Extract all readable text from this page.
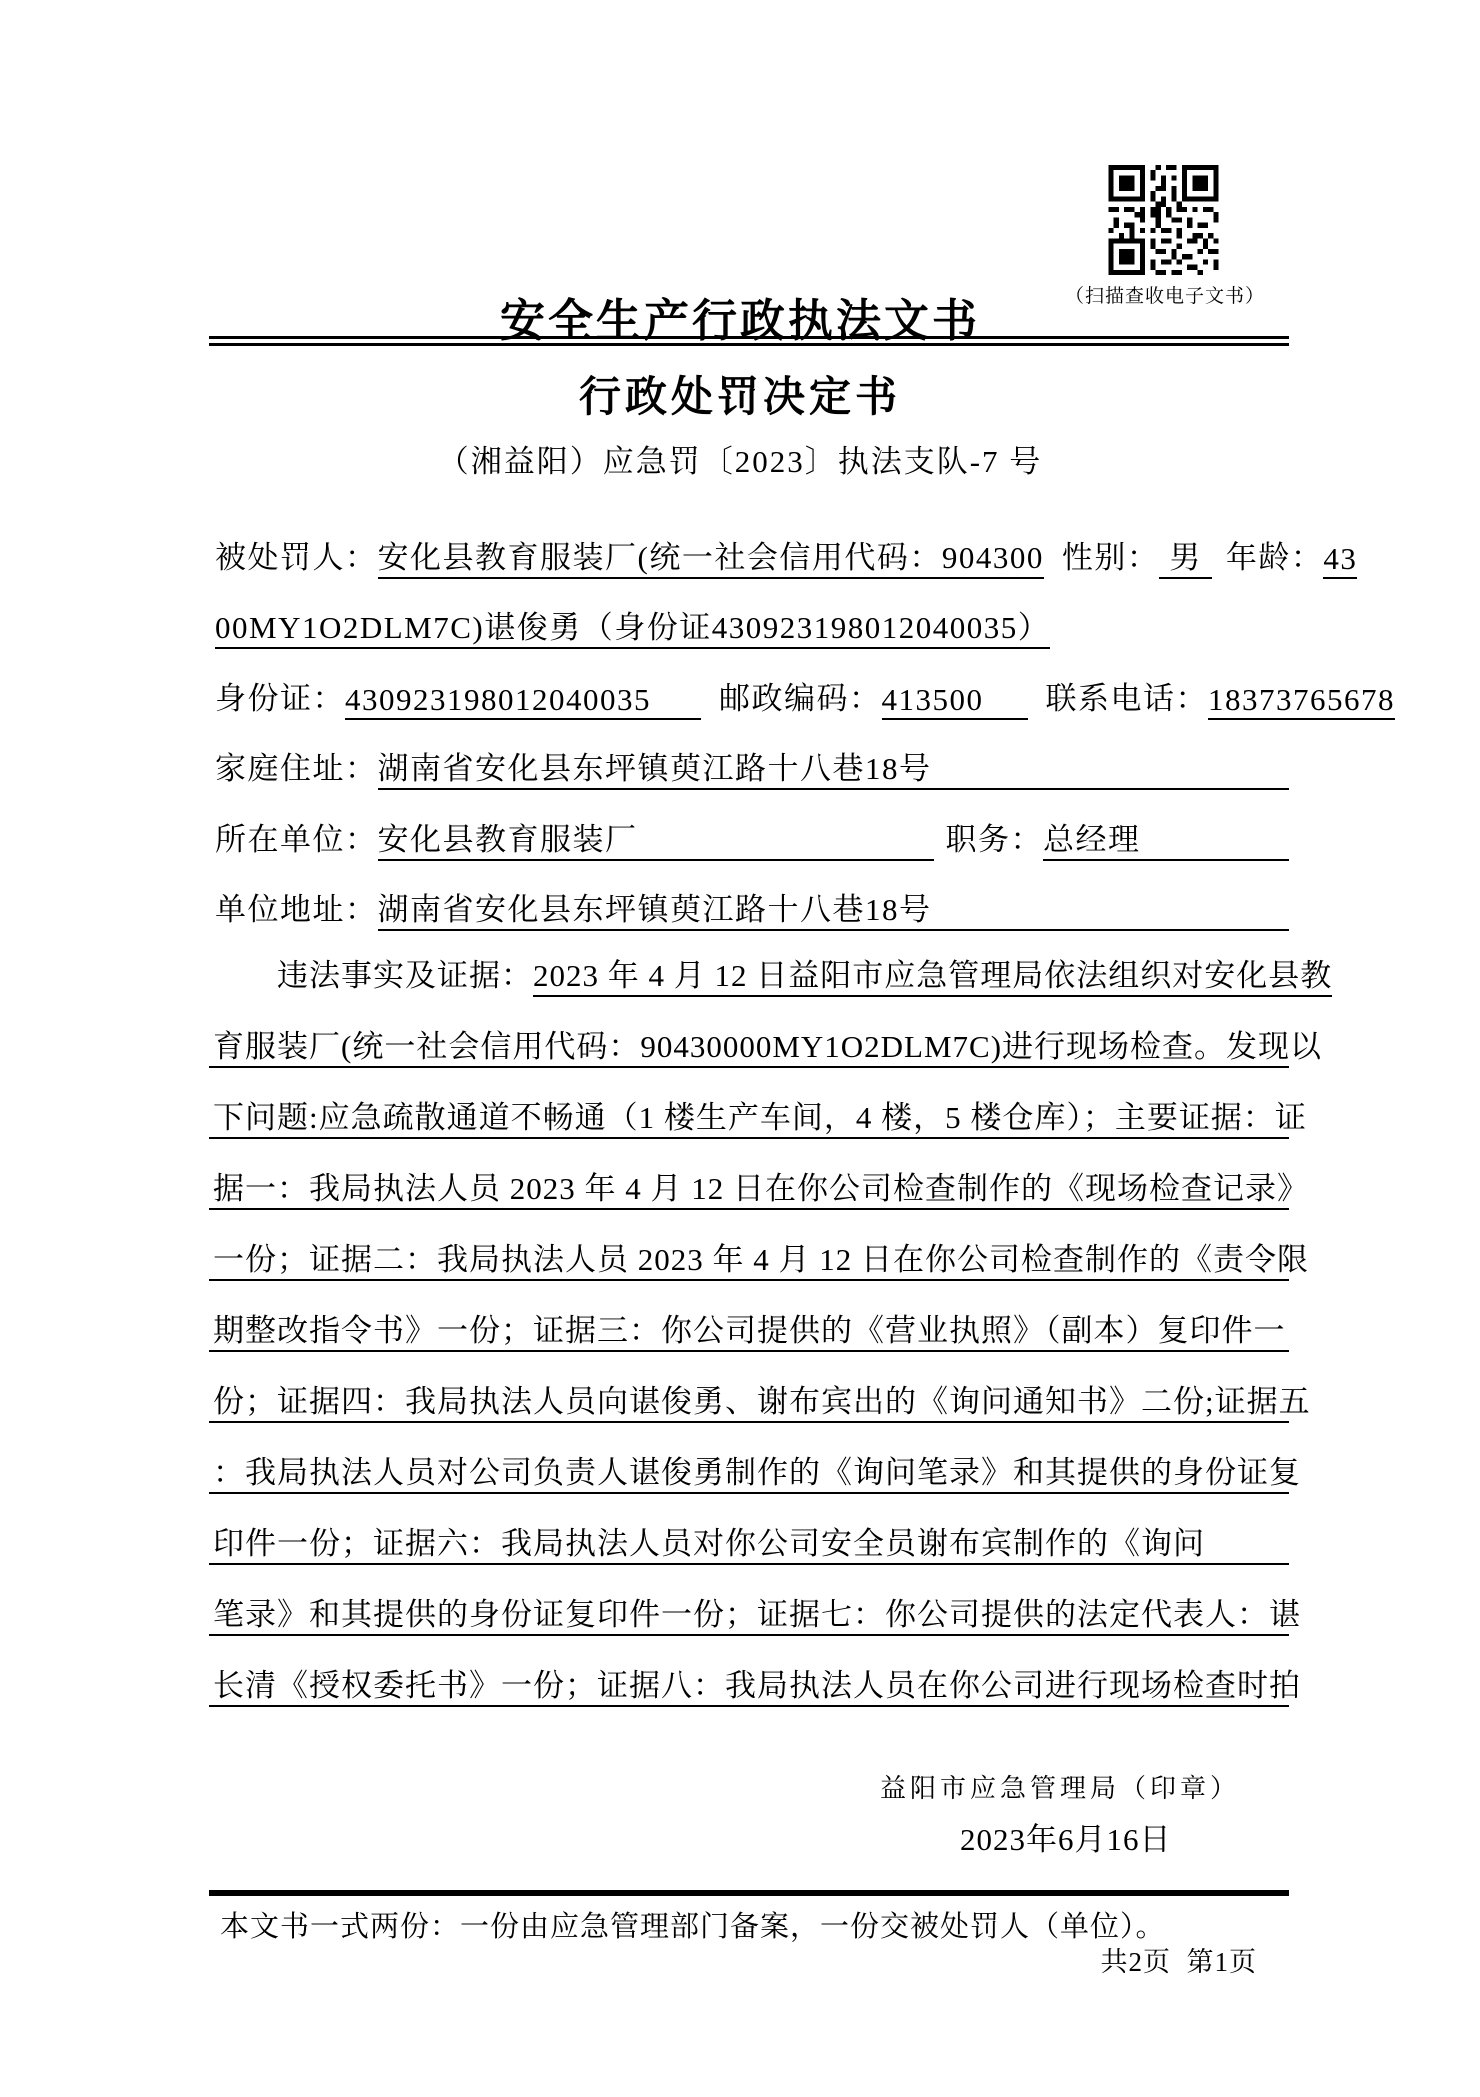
（扫描查收电子文书）
安全生产行政执法文书
行政处罚决定书
（湘益阳）应急罚〔2023〕执法支队-7 号
被处罚人： 安化县教育服装厂(统一社会信用代码：904300 性别： 男 年龄： 43
00MY1O2DLM7C)谌俊勇（身份证430923198012040035）
身份证： 430923198012040035	邮政编码： 413500	联系电话： 18373765678
家庭住址： 湖南省安化县东坪镇萸江路十八巷18号
所在单位： 安化县教育服装厂	职务： 总经理
单位地址： 湖南省安化县东坪镇萸江路十八巷18号
违法事实及证据： 2023 年 4 月 12 日益阳市应急管理局依法组织对安化县教
育服装厂(统一社会信用代码：90430000MY1O2DLM7C)进行现场检查。发现以
下问题:应急疏散通道不畅通（1 楼生产车间，4 楼，5 楼仓库）；主要证据：证
据一：我局执法人员 2023 年 4 月 12 日在你公司检查制作的《现场检查记录》
一份；证据二：我局执法人员 2023 年 4 月 12 日在你公司检查制作的《责令限
期整改指令书》一份；证据三：你公司提供的《营业执照》（副本）复印件一
份；证据四：我局执法人员向谌俊勇、谢布宾出的《询问通知书》二份;证据五
：我局执法人员对公司负责人谌俊勇制作的《询问笔录》和其提供的身份证复
印件一份；证据六：我局执法人员对你公司安全员谢布宾制作的《询问
笔录》和其提供的身份证复印件一份；证据七：你公司提供的法定代表人：谌
长清《授权委托书》一份；证据八：我局执法人员在你公司进行现场检查时拍
益阳市应急管理局（印章）
2023年6月16日
本文书一式两份：一份由应急管理部门备案，一份交被处罚人（单位）。
共2页  第1页
